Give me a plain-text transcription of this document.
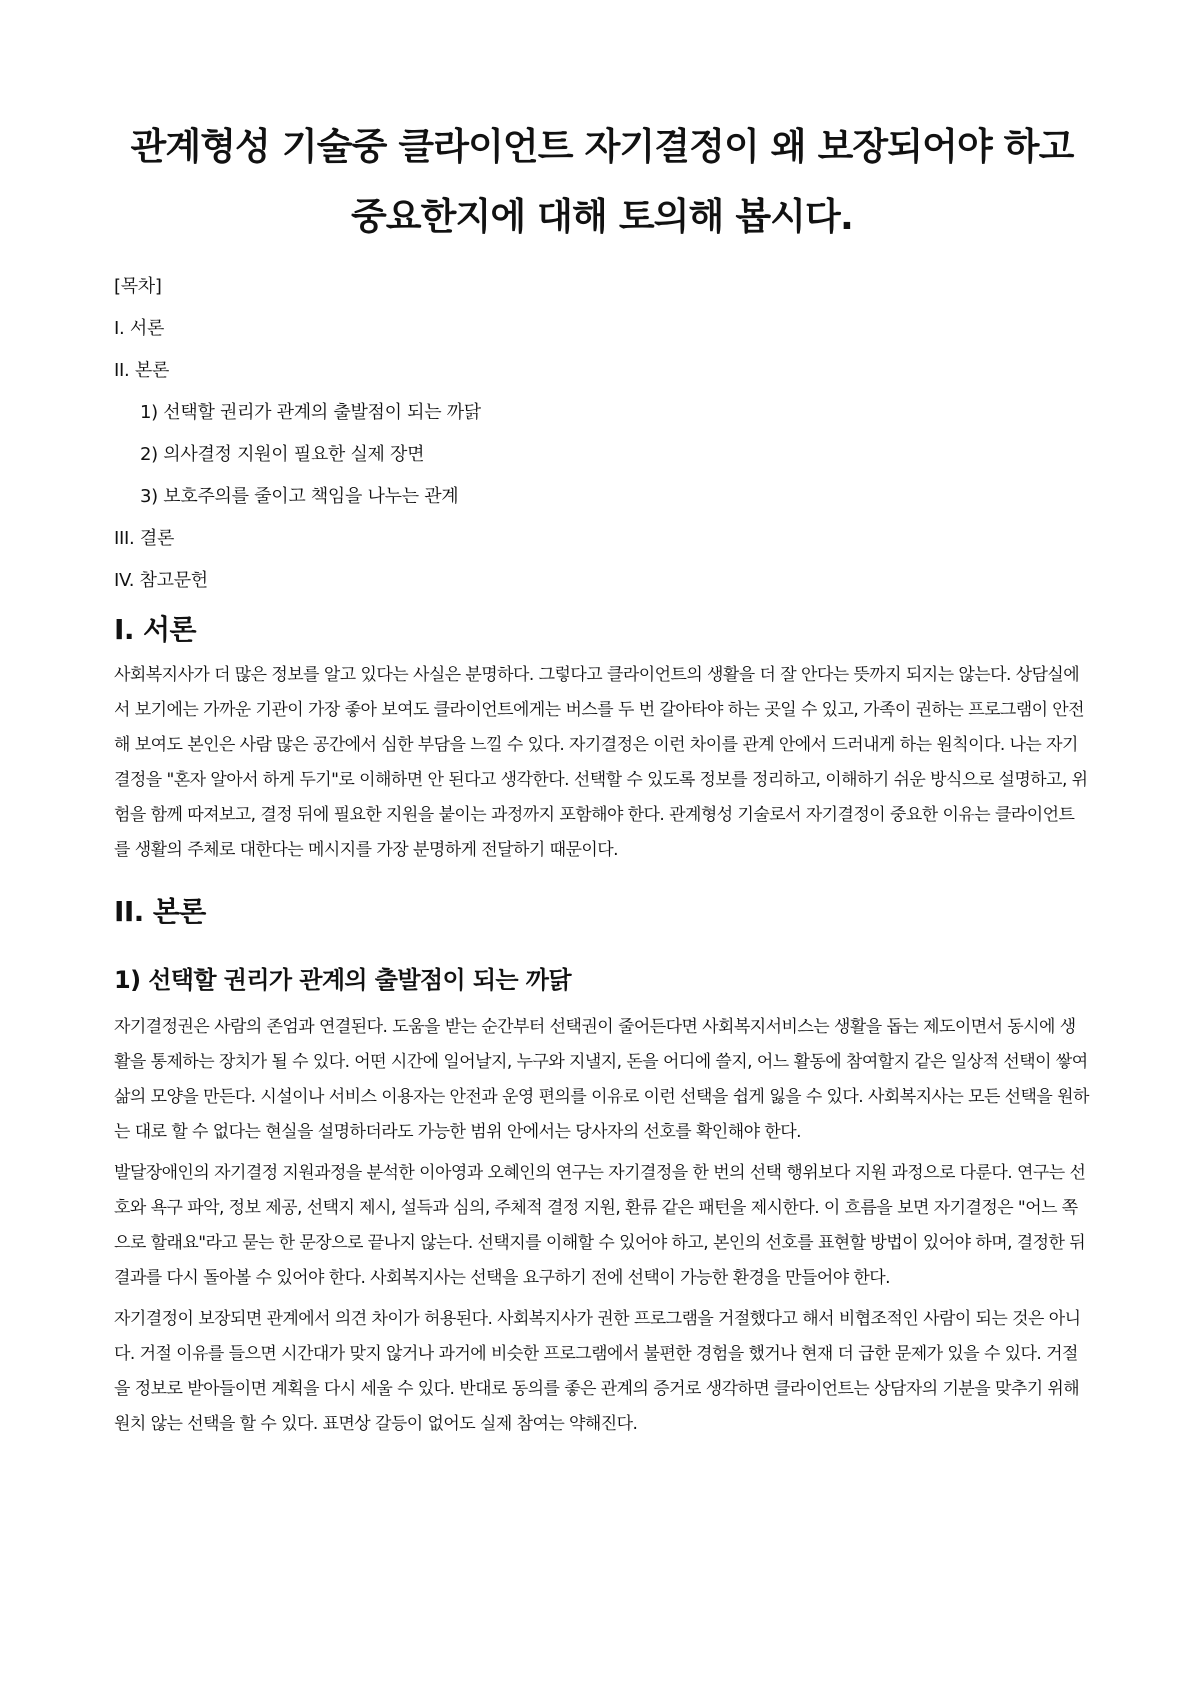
관계형성 기술중 클라이언트 자기결정이 왜 보장되어야 하고 중요한지에 대해 토의해 봅시다.
[목차]
I. 서론
II. 본론
1) 선택할 권리가 관계의 출발점이 되는 까닭
2) 의사결정 지원이 필요한 실제 장면
3) 보호주의를 줄이고 책임을 나누는 관계
III. 결론
IV. 참고문헌
I. 서론

사회복지사가 더 많은 정보를 알고 있다는 사실은 분명하다. 그렇다고 클라이언트의 생활을 더 잘 안다는 뜻까지 되지는 않는다. 상담실에서 보기에는 가까운 기관이 가장 좋아 보여도 클라이언트에게는 버스를 두 번 갈아타야 하는 곳일 수 있고, 가족이 권하는 프로그램이 안전해 보여도 본인은 사람 많은 공간에서 심한 부담을 느낄 수 있다. 자기결정은 이런 차이를 관계 안에서 드러내게 하는 원칙이다. 나는 자기결정을 "혼자 알아서 하게 두기"로 이해하면 안 된다고 생각한다. 선택할 수 있도록 정보를 정리하고, 이해하기 쉬운 방식으로 설명하고, 위험을 함께 따져보고, 결정 뒤에 필요한 지원을 붙이는 과정까지 포함해야 한다. 관계형성 기술로서 자기결정이 중요한 이유는 클라이언트를 생활의 주체로 대한다는 메시지를 가장 분명하게 전달하기 때문이다.

II. 본론
1) 선택할 권리가 관계의 출발점이 되는 까닭

자기결정권은 사람의 존엄과 연결된다. 도움을 받는 순간부터 선택권이 줄어든다면 사회복지서비스는 생활을 돕는 제도이면서 동시에 생활을 통제하는 장치가 될 수 있다. 어떤 시간에 일어날지, 누구와 지낼지, 돈을 어디에 쓸지, 어느 활동에 참여할지 같은 일상적 선택이 쌓여 삶의 모양을 만든다. 시설이나 서비스 이용자는 안전과 운영 편의를 이유로 이런 선택을 쉽게 잃을 수 있다. 사회복지사는 모든 선택을 원하는 대로 할 수 없다는 현실을 설명하더라도 가능한 범위 안에서는 당사자의 선호를 확인해야 한다.

발달장애인의 자기결정 지원과정을 분석한 이아영과 오혜인의 연구는 자기결정을 한 번의 선택 행위보다 지원 과정으로 다룬다. 연구는 선호와 욕구 파악, 정보 제공, 선택지 제시, 설득과 심의, 주체적 결정 지원, 환류 같은 패턴을 제시한다. 이 흐름을 보면 자기결정은 "어느 쪽으로 할래요"라고 묻는 한 문장으로 끝나지 않는다. 선택지를 이해할 수 있어야 하고, 본인의 선호를 표현할 방법이 있어야 하며, 결정한 뒤 결과를 다시 돌아볼 수 있어야 한다. 사회복지사는 선택을 요구하기 전에 선택이 가능한 환경을 만들어야 한다.

자기결정이 보장되면 관계에서 의견 차이가 허용된다. 사회복지사가 권한 프로그램을 거절했다고 해서 비협조적인 사람이 되는 것은 아니다. 거절 이유를 들으면 시간대가 맞지 않거나 과거에 비슷한 프로그램에서 불편한 경험을 했거나 현재 더 급한 문제가 있을 수 있다. 거절을 정보로 받아들이면 계획을 다시 세울 수 있다. 반대로 동의를 좋은 관계의 증거로 생각하면 클라이언트는 상담자의 기분을 맞추기 위해 원치 않는 선택을 할 수 있다. 표면상 갈등이 없어도 실제 참여는 약해진다.
